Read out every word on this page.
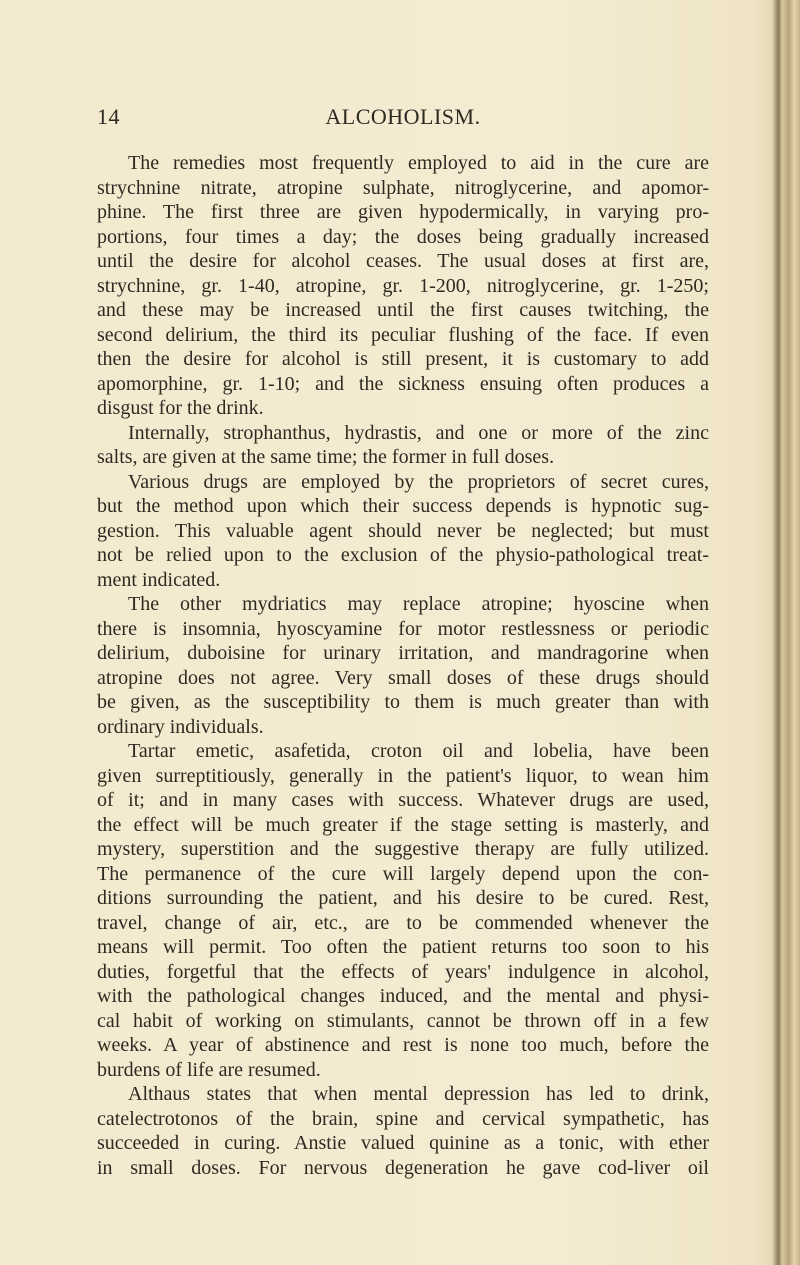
14	ALCOHOLISM.
The remedies most frequently employed to aid in the cure are
strychnine nitrate, atropine sulphate, nitroglycerine, and apomor-
phine. The first three are given hypodermically, in varying pro-
portions, four times a day; the doses being gradually increased
until the desire for alcohol ceases. The usual doses at first are,
strychnine, gr. 1-40, atropine, gr. 1-200, nitroglycerine, gr. 1-250;
and these may be increased until the first causes twitching, the
second delirium, the third its peculiar flushing of the face. If even
then the desire for alcohol is still present, it is customary to add
apomorphine, gr. 1-10; and the sickness ensuing often produces a
disgust for the drink.
Internally, strophanthus, hydrastis, and one or more of the zinc
salts, are given at the same time; the former in full doses.
Various drugs are employed by the proprietors of secret cures,
but the method upon which their success depends is hypnotic sug-
gestion. This valuable agent should never be neglected; but must
not be relied upon to the exclusion of the physio-pathological treat-
ment indicated.
The other mydriatics may replace atropine; hyoscine when
there is insomnia, hyoscyamine for motor restlessness or periodic
delirium, duboisine for urinary irritation, and mandragorine when
atropine does not agree. Very small doses of these drugs should
be given, as the susceptibility to them is much greater than with
ordinary individuals.
Tartar emetic, asafetida, croton oil and lobelia, have been
given surreptitiously, generally in the patient's liquor, to wean him
of it; and in many cases with success. Whatever drugs are used,
the effect will be much greater if the stage setting is masterly, and
mystery, superstition and the suggestive therapy are fully utilized.
The permanence of the cure will largely depend upon the con-
ditions surrounding the patient, and his desire to be cured. Rest,
travel, change of air, etc., are to be commended whenever the
means will permit. Too often the patient returns too soon to his
duties, forgetful that the effects of years' indulgence in alcohol,
with the pathological changes induced, and the mental and physi-
cal habit of working on stimulants, cannot be thrown off in a few
weeks. A year of abstinence and rest is none too much, before the
burdens of life are resumed.
Althaus states that when mental depression has led to drink,
catelectrotonos of the brain, spine and cervical sympathetic, has
succeeded in curing. Anstie valued quinine as a tonic, with ether
in small doses. For nervous degeneration he gave cod-liver oil
